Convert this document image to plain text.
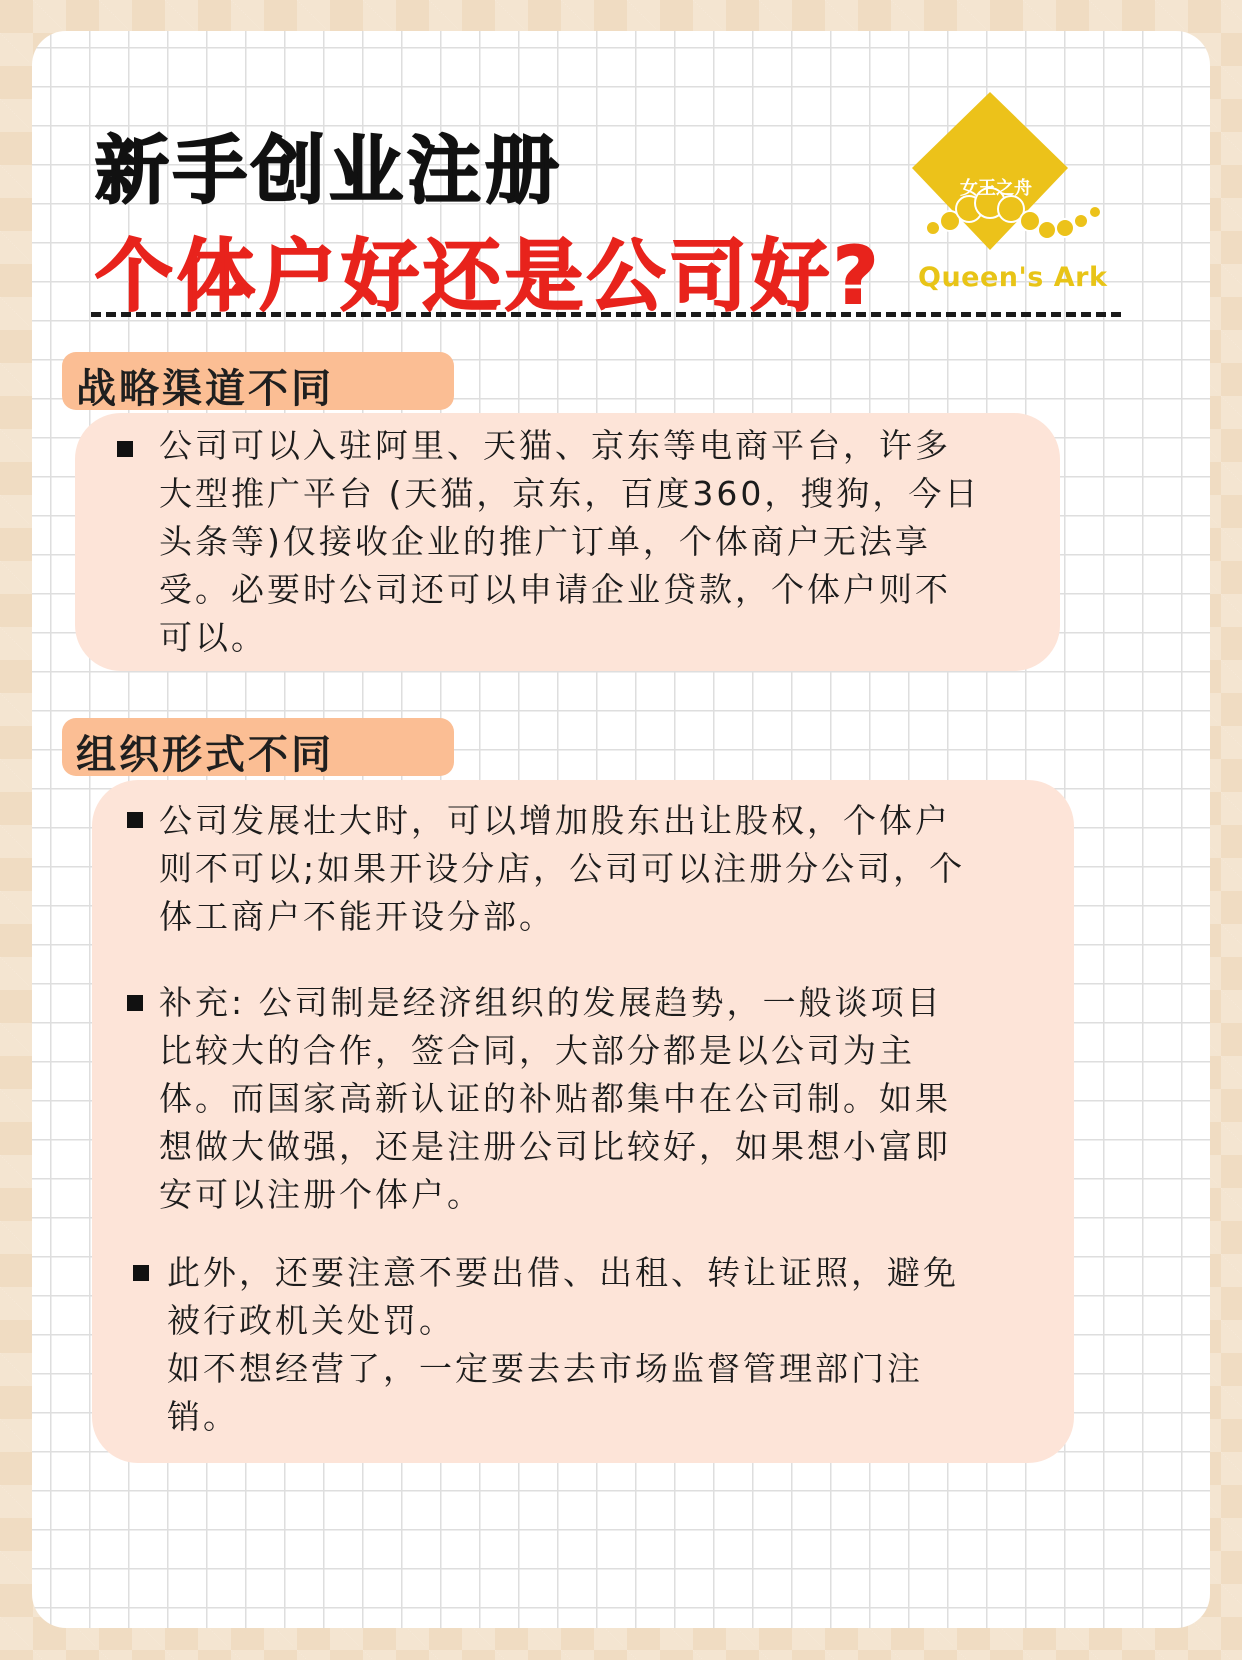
新手创业注册
个体户好还是公司好?
女王之舟
Queen's Ark
战略渠道不同
公司可以入驻阿里、天猫、京东等电商平台，许多
大型推广平台 (天猫，京东，百度360，搜狗，今日
头条等)仅接收企业的推广订单，个体商户无法享
受。必要时公司还可以申请企业贷款，个体户则不
可以。
组织形式不同
公司发展壮大时，可以增加股东出让股权，个体户
则不可以;如果开设分店，公司可以注册分公司，个
体工商户不能开设分部。
补充: 公司制是经济组织的发展趋势，一般谈项目
比较大的合作，签合同，大部分都是以公司为主
体。而国家高新认证的补贴都集中在公司制。如果
想做大做强，还是注册公司比较好，如果想小富即
安可以注册个体户。
此外，还要注意不要出借、出租、转让证照，避免
被行政机关处罚。
如不想经营了，一定要去去市场监督管理部门注
销。
